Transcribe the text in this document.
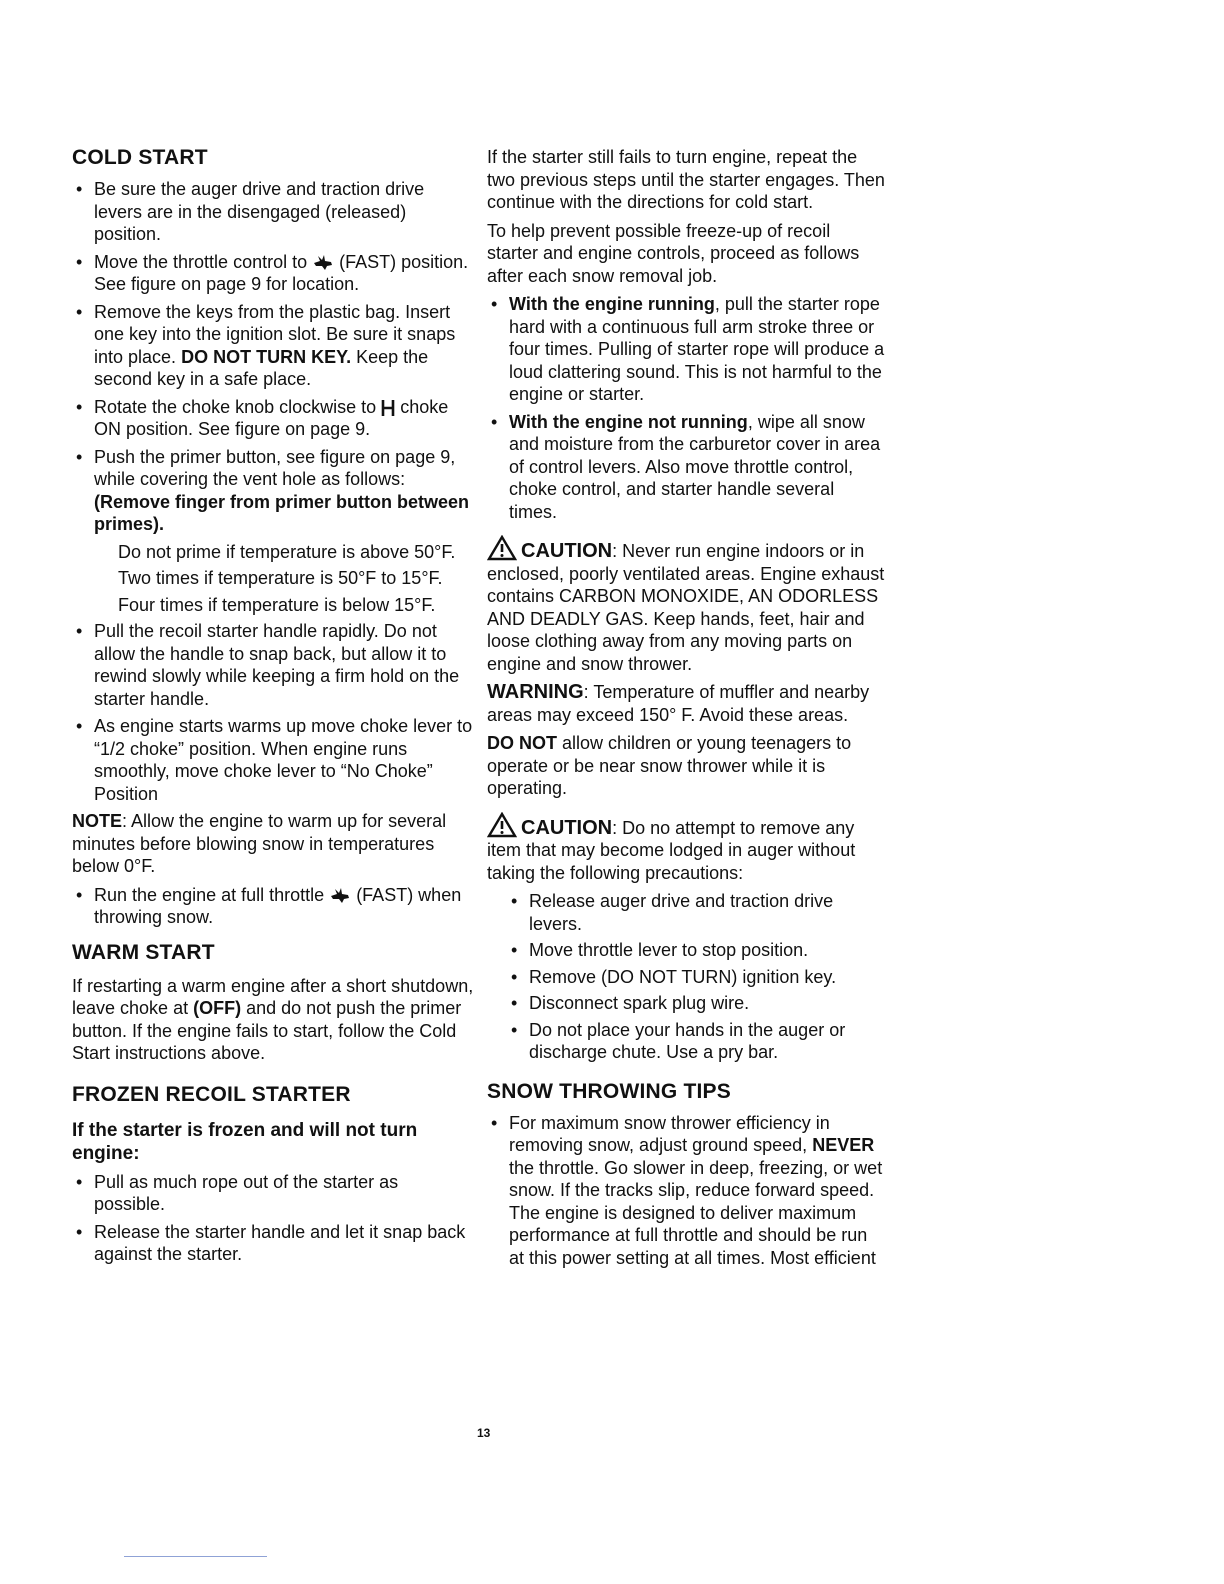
COLD START
• Be sure the auger drive and traction drive levers are in the disengaged (released) position.
• Move the throttle control to (FAST) position. See figure on page 9 for location.
• Remove the keys from the plastic bag. Insert one key into the ignition slot. Be sure it snaps into place. DO NOT TURN KEY. Keep the second key in a safe place.
• Rotate the choke knob clockwise to choke ON position. See figure on page 9.
• Push the primer button, see figure on page 9, while covering the vent hole as follows: (Remove finger from primer button between primes).

Do not prime if temperature is above 50°F.

Two times if temperature is 50°F to 15°F.

Four times if temperature is below 15°F.

• Pull the recoil starter handle rapidly. Do not allow the handle to snap back, but allow it to rewind slowly while keeping a firm hold on the starter handle.
• As engine starts warms up move choke lever to “1/2 choke” position. When engine runs smoothly, move choke lever to “No Choke” Position

NOTE: Allow the engine to warm up for several minutes before blowing snow in temperatures below 0°F.

• Run the engine at full throttle (FAST) when throwing snow.
WARM START

If restarting a warm engine after a short shutdown, leave choke at (OFF) and do not push the primer button. If the engine fails to start, follow the Cold Start instructions above.

FROZEN RECOIL STARTER
If the starter is frozen and will not turn engine:
• Pull as much rope out of the starter as possible.
• Release the starter handle and let it snap back against the starter.

If the starter still fails to turn engine, repeat the two previous steps until the starter engages. Then continue with the directions for cold start.

To help prevent possible freeze-up of recoil starter and engine controls, proceed as follows after each snow removal job.

• With the engine running, pull the starter rope hard with a continuous full arm stroke three or four times. Pulling of starter rope will produce a loud clattering sound. This is not harmful to the engine or starter.
• With the engine not running, wipe all snow and moisture from the carburetor cover in area of control levers. Also move throttle control, choke control, and starter handle several times.

CAUTION: Never run engine indoors or in enclosed, poorly ventilated areas. Engine exhaust contains CARBON MONOXIDE, AN ODORLESS AND DEADLY GAS. Keep hands, feet, hair and loose clothing away from any moving parts on engine and snow thrower.

WARNING: Temperature of muffler and nearby areas may exceed 150° F. Avoid these areas.

DO NOT allow children or young teenagers to operate or be near snow thrower while it is operating.

CAUTION: Do no attempt to remove any item that may become lodged in auger without taking the following precautions:

• Release auger drive and traction drive levers.
• Move throttle lever to stop position.
• Remove (DO NOT TURN) ignition key.
• Disconnect spark plug wire.
• Do not place your hands in the auger or discharge chute. Use a pry bar.
SNOW THROWING TIPS
• For maximum snow thrower efficiency in removing snow, adjust ground speed, NEVER the throttle. Go slower in deep, freezing, or wet snow. If the tracks slip, reduce forward speed. The engine is designed to deliver maximum performance at full throttle and should be run at this power setting at all times. Most efficient
13
